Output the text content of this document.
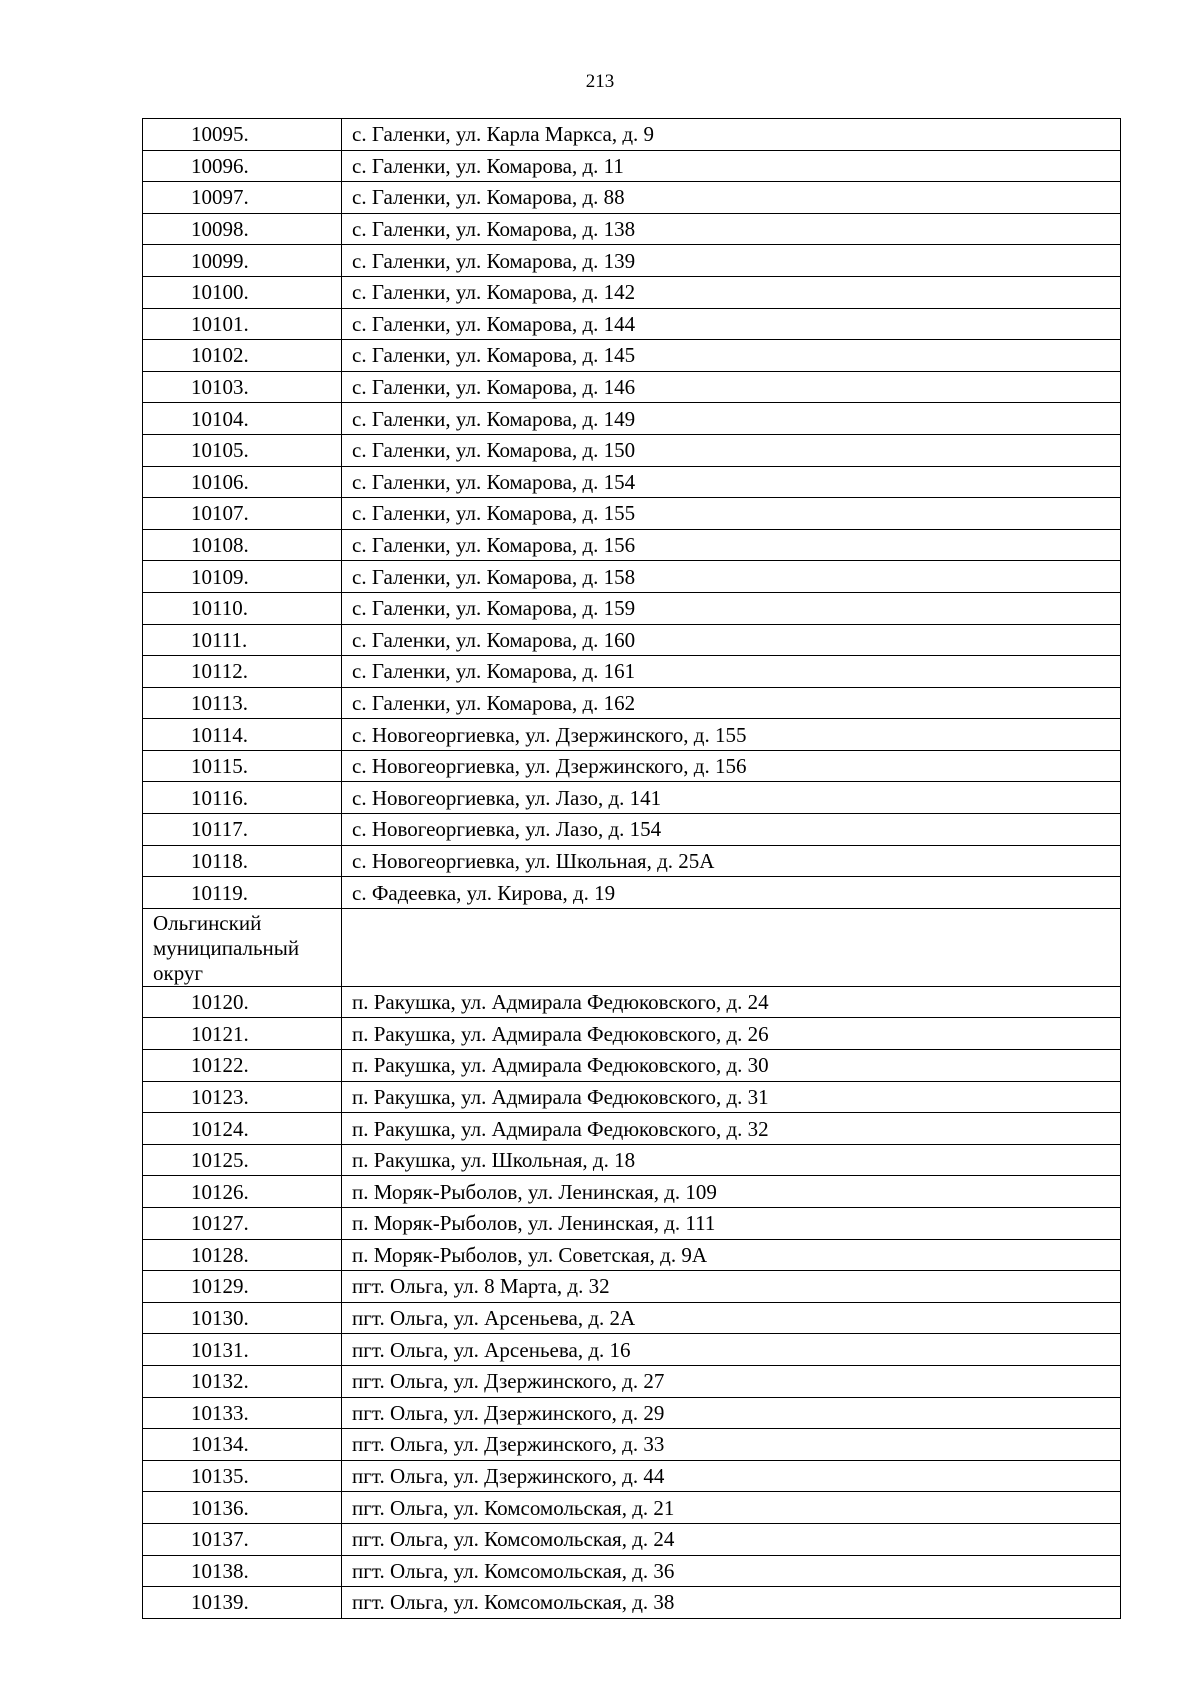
213
10095.	с. Галенки, ул. Карла Маркса, д. 9
10096.	с. Галенки, ул. Комарова, д. 11
10097.	с. Галенки, ул. Комарова, д. 88
10098.	с. Галенки, ул. Комарова, д. 138
10099.	с. Галенки, ул. Комарова, д. 139
10100.	с. Галенки, ул. Комарова, д. 142
10101.	с. Галенки, ул. Комарова, д. 144
10102.	с. Галенки, ул. Комарова, д. 145
10103.	с. Галенки, ул. Комарова, д. 146
10104.	с. Галенки, ул. Комарова, д. 149
10105.	с. Галенки, ул. Комарова, д. 150
10106.	с. Галенки, ул. Комарова, д. 154
10107.	с. Галенки, ул. Комарова, д. 155
10108.	с. Галенки, ул. Комарова, д. 156
10109.	с. Галенки, ул. Комарова, д. 158
10110.	с. Галенки, ул. Комарова, д. 159
10111.	с. Галенки, ул. Комарова, д. 160
10112.	с. Галенки, ул. Комарова, д. 161
10113.	с. Галенки, ул. Комарова, д. 162
10114.	с. Новогеоргиевка, ул. Дзержинского, д. 155
10115.	с. Новогеоргиевка, ул. Дзержинского, д. 156
10116.	с. Новогеоргиевка, ул. Лазо, д. 141
10117.	с. Новогеоргиевка, ул. Лазо, д. 154
10118.	с. Новогеоргиевка, ул. Школьная, д. 25А
10119.	с. Фадеевка, ул. Кирова, д. 19
Ольгинский муниципальный округ	
10120.	п. Ракушка, ул. Адмирала Федюковского, д. 24
10121.	п. Ракушка, ул. Адмирала Федюковского, д. 26
10122.	п. Ракушка, ул. Адмирала Федюковского, д. 30
10123.	п. Ракушка, ул. Адмирала Федюковского, д. 31
10124.	п. Ракушка, ул. Адмирала Федюковского, д. 32
10125.	п. Ракушка, ул. Школьная, д. 18
10126.	п. Моряк-Рыболов, ул. Ленинская, д. 109
10127.	п. Моряк-Рыболов, ул. Ленинская, д. 111
10128.	п. Моряк-Рыболов, ул. Советская, д. 9А
10129.	пгт. Ольга, ул. 8 Марта, д. 32
10130.	пгт. Ольга, ул. Арсеньева, д. 2А
10131.	пгт. Ольга, ул. Арсеньева, д. 16
10132.	пгт. Ольга, ул. Дзержинского, д. 27
10133.	пгт. Ольга, ул. Дзержинского, д. 29
10134.	пгт. Ольга, ул. Дзержинского, д. 33
10135.	пгт. Ольга, ул. Дзержинского, д. 44
10136.	пгт. Ольга, ул. Комсомольская, д. 21
10137.	пгт. Ольга, ул. Комсомольская, д. 24
10138.	пгт. Ольга, ул. Комсомольская, д. 36
10139.	пгт. Ольга, ул. Комсомольская, д. 38
